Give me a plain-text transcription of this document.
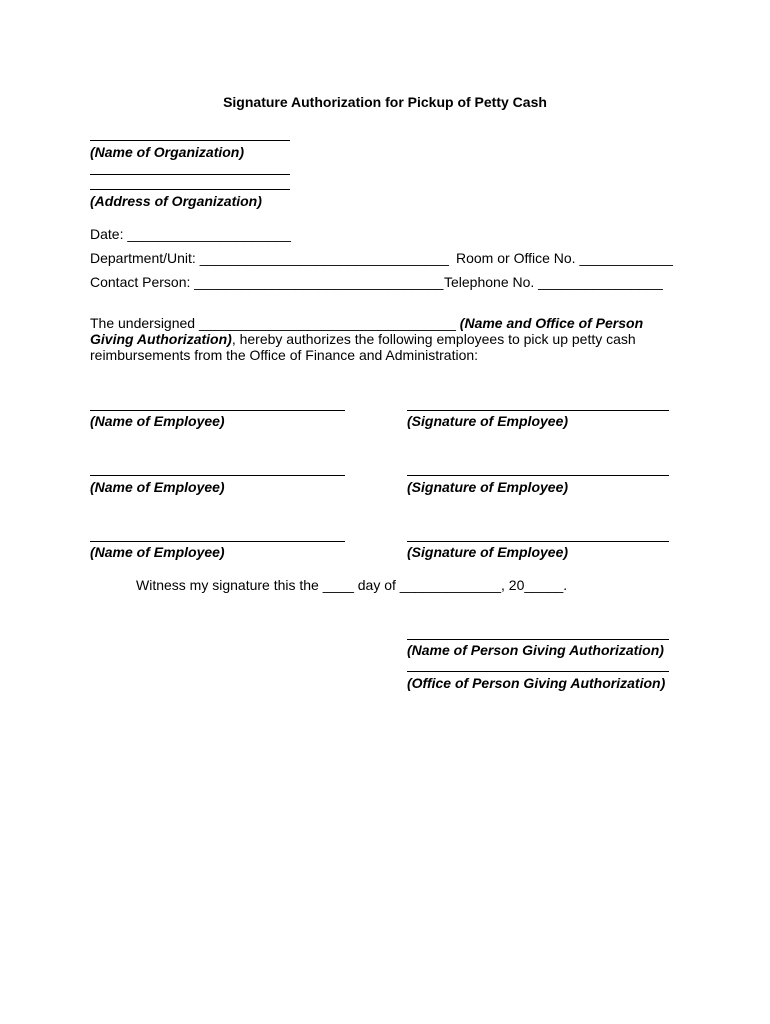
Signature Authorization for Pickup of Petty Cash
(Name of Organization)
(Address of Organization)
Date: _____________________
Department/Unit: ________________________________ Room or Office No. ____________
Contact Person: ________________________________ Telephone No. ________________
The undersigned _________________________________ (Name and Office of Person Giving Authorization), hereby authorizes the following employees to pick up petty cash reimbursements from the Office of Finance and Administration:
(Name of Employee)	(Signature of Employee)
(Name of Employee)	(Signature of Employee)
(Name of Employee)	(Signature of Employee)
Witness my signature this the ____ day of _____________, 20_____.
(Name of Person Giving Authorization)
(Office of Person Giving Authorization)
